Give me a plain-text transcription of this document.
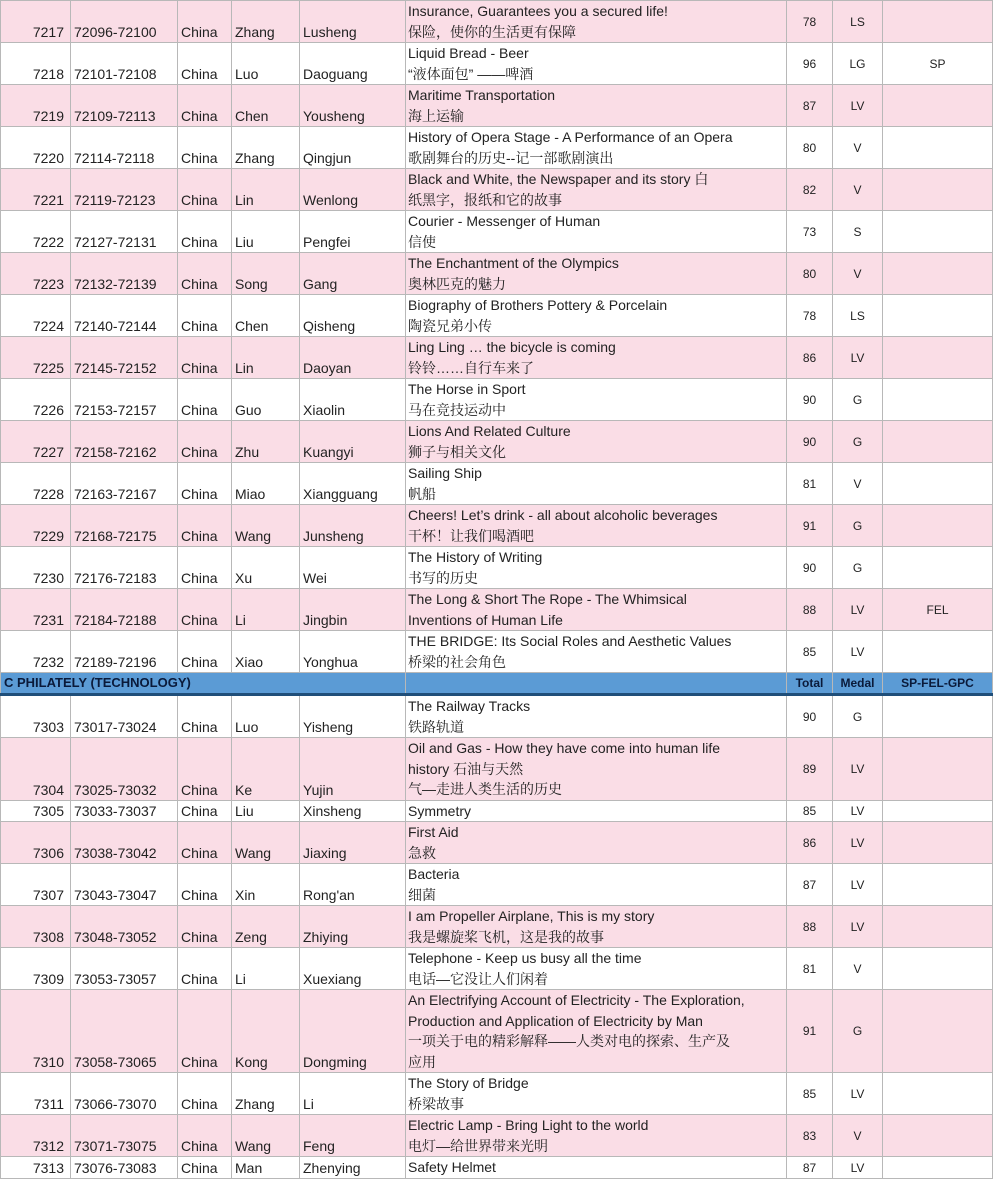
7217	72096-72100	China	Zhang	Lusheng	Insurance, Guarantees you a secured life!
保险，使你的生活更有保障	78	LS	
7218	72101-72108	China	Luo	Daoguang	Liquid Bread - Beer
“液体面包” ——啤酒	96	LG	SP
7219	72109-72113	China	Chen	Yousheng	Maritime Transportation
海上运输	87	LV	
7220	72114-72118	China	Zhang	Qingjun	History of Opera Stage - A Performance of an Opera
歌剧舞台的历史--记一部歌剧演出	80	V	
7221	72119-72123	China	Lin	Wenlong	Black and White, the Newspaper and its story 白
纸黑字，报纸和它的故事	82	V	
7222	72127-72131	China	Liu	Pengfei	Courier - Messenger of Human
信使	73	S	
7223	72132-72139	China	Song	Gang	The Enchantment of the Olympics
奥林匹克的魅力	80	V	
7224	72140-72144	China	Chen	Qisheng	Biography of Brothers Pottery & Porcelain
陶瓷兄弟小传	78	LS	
7225	72145-72152	China	Lin	Daoyan	Ling Ling … the bicycle is coming
铃铃……自行车来了	86	LV	
7226	72153-72157	China	Guo	Xiaolin	The Horse in Sport
马在竞技运动中	90	G	
7227	72158-72162	China	Zhu	Kuangyi	Lions And Related Culture
狮子与相关文化	90	G	
7228	72163-72167	China	Miao	Xiangguang	Sailing Ship
帆船	81	V	
7229	72168-72175	China	Wang	Junsheng	Cheers! Let’s drink - all about alcoholic beverages
干杯！让我们喝酒吧	91	G	
7230	72176-72183	China	Xu	Wei	The History of Writing
书写的历史	90	G	
7231	72184-72188	China	Li	Jingbin	The Long & Short The Rope - The Whimsical
Inventions of Human Life	88	LV	FEL
7232	72189-72196	China	Xiao	Yonghua	THE BRIDGE: Its Social Roles and Aesthetic Values
桥梁的社会角色	85	LV	
C PHILATELY (TECHNOLOGY)						Total	Medal	SP-FEL-GPC
7303	73017-73024	China	Luo	Yisheng	The Railway Tracks
铁路轨道	90	G	
7304	73025-73032	China	Ke	Yujin	Oil and Gas - How they have come into human life
history 石油与天然
气—走进人类生活的历史	89	LV	
7305	73033-73037	China	Liu	Xinsheng	Symmetry	85	LV	
7306	73038-73042	China	Wang	Jiaxing	First Aid
急救	86	LV	
7307	73043-73047	China	Xin	Rong'an	Bacteria
细菌	87	LV	
7308	73048-73052	China	Zeng	Zhiying	I am Propeller Airplane, This is my story
我是螺旋桨飞机，这是我的故事	88	LV	
7309	73053-73057	China	Li	Xuexiang	Telephone - Keep us busy all the time
电话—它没让人们闲着	81	V	
7310	73058-73065	China	Kong	Dongming	An Electrifying Account of Electricity - The Exploration,
Production and Application of Electricity by Man
一项关于电的精彩解释——人类对电的探索、生产及
应用	91	G	
7311	73066-73070	China	Zhang	Li	The Story of Bridge
桥梁故事	85	LV	
7312	73071-73075	China	Wang	Feng	Electric Lamp - Bring Light to the world
电灯—给世界带来光明	83	V	
7313	73076-73083	China	Man	Zhenying	Safety Helmet	87	LV	
